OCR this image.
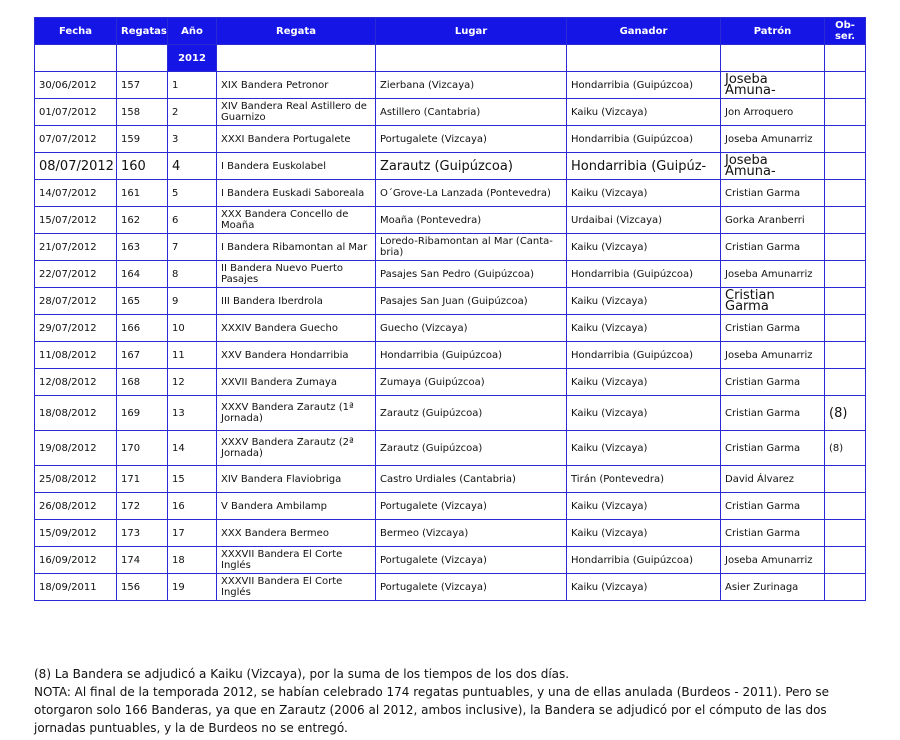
Fecha	Regatas	Año	Regata	Lugar	Ganador	Patrón	Ob-ser.
		2012					
30/06/2012	157	1	XIX Bandera Petronor	Zierbana (Vizcaya)	Hondarribia (Guipúzcoa)	Joseba Amuna-	
01/07/2012	158	2	XIV Bandera Real Astillero de Guarnizo	Astillero (Cantabria)	Kaiku (Vizcaya)	Jon Arroquero	
07/07/2012	159	3	XXXI Bandera Portugalete	Portugalete (Vizcaya)	Hondarribia (Guipúzcoa)	Joseba Amunarriz	
08/07/2012	160	4	I Bandera Euskolabel	Zarautz (Guipúzcoa)	Hondarribia (Guipúz-	Joseba Amuna-	
14/07/2012	161	5	I Bandera Euskadi Saboreala	O´Grove-La Lanzada (Pontevedra)	Kaiku (Vizcaya)	Cristian Garma	
15/07/2012	162	6	XXX Bandera Concello de Moaña	Moaña (Pontevedra)	Urdaibai (Vizcaya)	Gorka Aranberri	
21/07/2012	163	7	I Bandera Ribamontan al Mar	Loredo-Ribamontan al Mar (Canta-bria)	Kaiku (Vizcaya)	Cristian Garma	
22/07/2012	164	8	II Bandera Nuevo Puerto Pasajes	Pasajes San Pedro (Guipúzcoa)	Hondarribia (Guipúzcoa)	Joseba Amunarriz	
28/07/2012	165	9	III Bandera Iberdrola	Pasajes San Juan (Guipúzcoa)	Kaiku (Vizcaya)	Cristian Garma	
29/07/2012	166	10	XXXIV Bandera Guecho	Guecho (Vizcaya)	Kaiku (Vizcaya)	Cristian Garma	
11/08/2012	167	11	XXV Bandera Hondarribia	Hondarribia (Guipúzcoa)	Hondarribia (Guipúzcoa)	Joseba Amunarriz	
12/08/2012	168	12	XXVII Bandera Zumaya	Zumaya (Guipúzcoa)	Kaiku (Vizcaya)	Cristian Garma	
18/08/2012	169	13	XXXV Bandera Zarautz (1ª Jornada)	Zarautz (Guipúzcoa)	Kaiku (Vizcaya)	Cristian Garma	(8)
19/08/2012	170	14	XXXV Bandera Zarautz (2ª Jornada)	Zarautz (Guipúzcoa)	Kaiku (Vizcaya)	Cristian Garma	(8)
25/08/2012	171	15	XIV Bandera Flaviobriga	Castro Urdiales (Cantabria)	Tirán (Pontevedra)	David Álvarez	
26/08/2012	172	16	V Bandera Ambilamp	Portugalete (Vizcaya)	Kaiku (Vizcaya)	Cristian Garma	
15/09/2012	173	17	XXX Bandera Bermeo	Bermeo (Vizcaya)	Kaiku (Vizcaya)	Cristian Garma	
16/09/2012	174	18	XXXVII Bandera El Corte Inglés	Portugalete (Vizcaya)	Hondarribia (Guipúzcoa)	Joseba Amunarriz	
18/09/2011	156	19	XXXVII Bandera El Corte Inglés	Portugalete (Vizcaya)	Kaiku (Vizcaya)	Asier Zurinaga	

(8) La Bandera se adjudicó a Kaiku (Vizcaya), por la suma de los tiempos de los dos días.

NOTA: Al final de la temporada 2012, se habían celebrado 174 regatas puntuables, y una de ellas anulada (Burdeos - 2011). Pero se otorgaron solo 166 Banderas, ya que en Zarautz (2006 al 2012, ambos inclusive), la Bandera se adjudicó por el cómputo de las dos jornadas puntuables, y la de Burdeos no se entregó.
